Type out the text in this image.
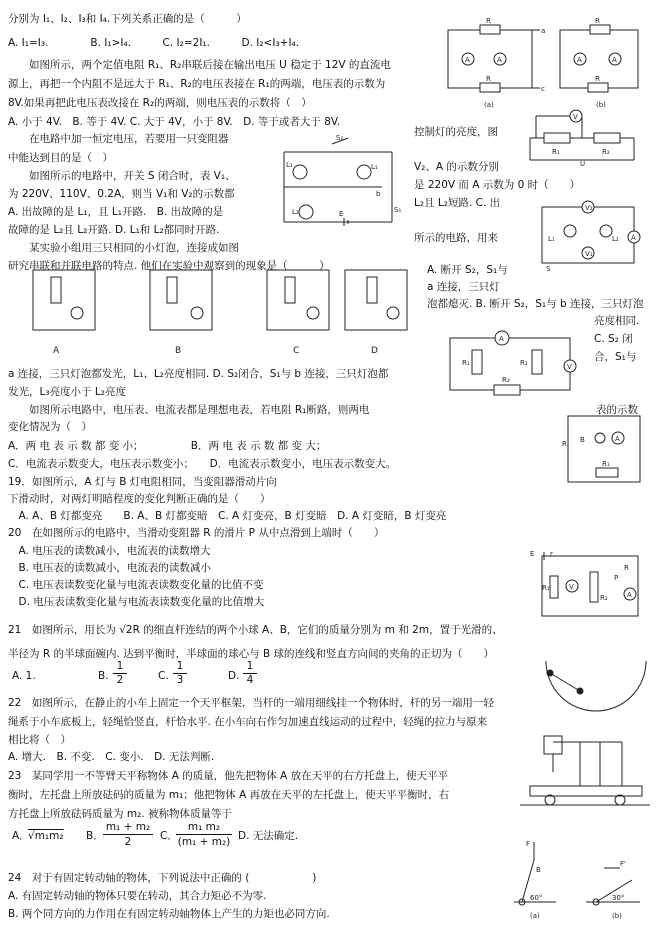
分别为 I₁、I₂、I₃和 I₄.下列关系正确的是（　　　）
A. I₁=I₃.　　　　B. I₁>I₄.　　　C. I₂=2I₁.　　　D. I₂<I₃+I₄.
　　如图所示，两个定值电阻 R₁、R₂串联后接在输出电压 U 稳定于 12V 的直流电
源上，再把一个内阻不是远大于 R₁、R₂的电压表接在 R₁的两端，电压表的示数为
8V.如果再把此电压表改接在 R₂的两端，则电压表的示数将（　）
A. 小于 4V.　B. 等于 4V. C. 大于 4V，小于 8V.　D. 等于或者大于 8V.
　　在电路中加一恒定电压，若要用一只变阻器
控制灯的亮度，图
中能达到目的是（　）
　　如图所示的电路中，开关 S 闭合时，表 V₁、
V₂、A 的示数分别
为 220V、110V、0.2A，则当 V₁和 V₂的示数都
是 220V 而 A 示数为 0 时（　　）
A. 出故障的是 L₁，且 L₁开路.　B. 出故障的是
L₂且 L₂短路. C. 出
故障的是 L₂且 L₂开路. D. L₁和 L₂都同时开路.
　　某实验小组用三只相同的小灯泡，连接成如图
所示的电路，用来
研究串联和并联电路的特点. 他们在实验中观察到的现象是（　　　）	A. 断开 S₂，S₁与
a 连接，三只灯
泡都熄灭. B. 断开 S₂，S₁与 b 连接，三只灯泡
亮度相同.
C. S₂ 闭
合，S₁与
a 连接，三只灯泡都发光，L₁、L₂亮度相同. D. S₂闭合，S₁与 b 连接，三只灯泡都
发光，L₃亮度小于 L₂亮度
　　如图所示电路中，电压表、电流表都是理想电表，若电阻 R₁断路，则两电	表的示数
变化情况为（　）
A．两 电 表 示 数 都 变 小；　　　　　B．两 电 表 示 数 都 变 大；
C．电流表示数变大，电压表示数变小；　　D．电流表示数变小，电压表示数变大。
19．如图所示，A 灯与 B 灯电阻相同，当变阻器滑动片向
下滑动时，对两灯明暗程度的变化判断正确的是（　　）
　A. A、B 灯都变亮　　B. A、B 灯都变暗　C. A 灯变亮，B 灯变暗　D. A 灯变暗，B 灯变亮
20　在如图所示的电路中，当滑动变阻器 R 的滑片 P 从中点滑到上端时（　　）
　A. 电压表的读数减小，电流表的读数增大
　B. 电压表的读数减小，电流表的读数减小
　C. 电压表读数变化量与电流表读数变化量的比值不变
　D. 电压表读数变化量与电流表读数变化量的比值增大
21　如图所示，用长为 √2R 的细直杆连结的两个小球 A、B，它们的质量分别为 m 和 2m，置于光滑的、
半径为 R 的半球面碗内. 达到平衡时，半球面的球心与 B 球的连线和竖直方向间的夹角的正切为（　　）
A. 1.	B.
1
2	C.
1
3	D.
1
4
22　如图所示，在静止的小车上固定一个天平框架，当杆的一端用细线挂一个物体时，杆的另一端用一轻
绳系于小车底板上，轻绳恰竖直，杆恰水平. 在小车向右作匀加速直线运动的过程中，轻绳的拉力与原来
相比将（　）
A. 增大.　B. 不变.　C. 变小.　D. 无法判断.
23　某同学用一不等臂天平称物体 A 的质量，他先把物体 A 放在天平的右方托盘上，使天平平
衡时，左托盘上所放砝码的质量为 m₁；他把物体 A 再放在天平的左托盘上，使天平平衡时，右
方托盘上所放砝码质量为 m₂. 被称物体质量等于
A．
√m₁m₂ B．
m₁ + m₂
2	C．
m₁ m₂
(m₁ + m₂) D. 无法确定.
24　对于有固定转动轴的物体，下列说法中正确的 (　　　　　　)
A. 有固定转动轴的物体只要在转动，其合力矩必不为零.
B. 两个同方向的力作用在有固定转动轴物体上产生的力矩也必同方向.
A	A	A	A
R
R
R
R
a
c
(a)	(b)
V
R₁	R₂
U
L₁	L₁
S₂
b
S₁
L₂	E
V₂
V₁
A
L₁	L₂
S
A	B	C	D
A
V
R₁	R₂
R₃
B	A
R₁
R
E r
V
A
R₁
R₂
R
P
F
B
60°
F'
30°
(a)	(b)
